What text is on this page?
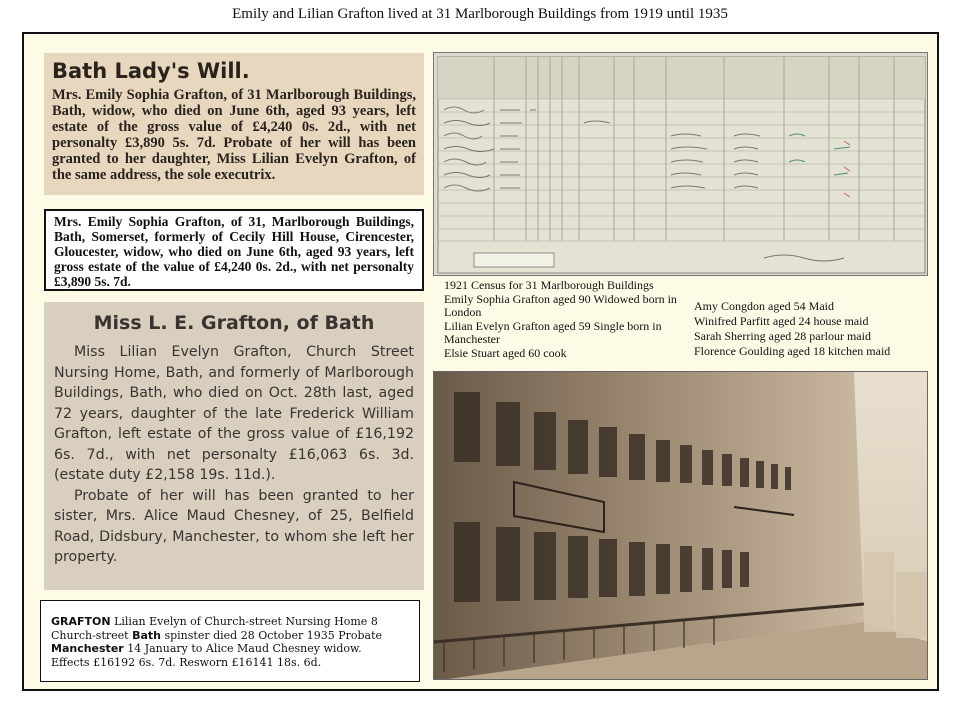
Emily and Lilian Grafton lived at 31 Marlborough Buildings from 1919 until 1935
Bath Lady's Will.
Mrs. Emily Sophia Grafton, of 31 Marlborough Buildings, Bath, widow, who died on June 6th, aged 93 years, left estate of the gross value of £4,240 0s. 2d., with net personalty £3,890 5s. 7d. Probate of her will has been granted to her daughter, Miss Lilian Evelyn Grafton, of the same address, the sole executrix.
Mrs. Emily Sophia Grafton, of 31, Marlborough Buildings, Bath, Somerset, formerly of Cecily Hill House, Cirencester, Gloucester, widow, who died on June 6th, aged 93 years, left gross estate of the value of £4,240 0s. 2d., with net personalty £3,890 5s. 7d.
Miss L. E. Grafton, of Bath

Miss Lilian Evelyn Grafton, Church Street Nursing Home, Bath, and formerly of Marlborough Buildings, Bath, who died on Oct. 28th last, aged 72 years, daughter of the late Frederick William Grafton, left estate of the gross value of £16,192 6s. 7d., with net personalty £16,063 6s. 3d. (estate duty £2,158 19s. 11d.).

Probate of her will has been granted to her sister, Mrs. Alice Maud Chesney, of 25, Belfield Road, Didsbury, Manchester, to whom she left her property.

GRAFTON Lilian Evelyn of Church-street Nursing Home 8 Church-street Bath spinster died 28 October 1935 Probate Manchester 14 January to Alice Maud Chesney widow.
Effects £16192 6s. 7d. Resworn £16141 18s. 6d.
1921 Census for 31 Marlborough Buildings
Emily Sophia Grafton aged 90 Widowed born in London
Lilian Evelyn Grafton aged 59 Single born in Manchester
Elsie Stuart aged 60 cook
Amy Congdon aged 54 Maid
Winifred Parfitt aged 24 house maid
Sarah Sherring aged 28 parlour maid
Florence Goulding aged 18 kitchen maid
